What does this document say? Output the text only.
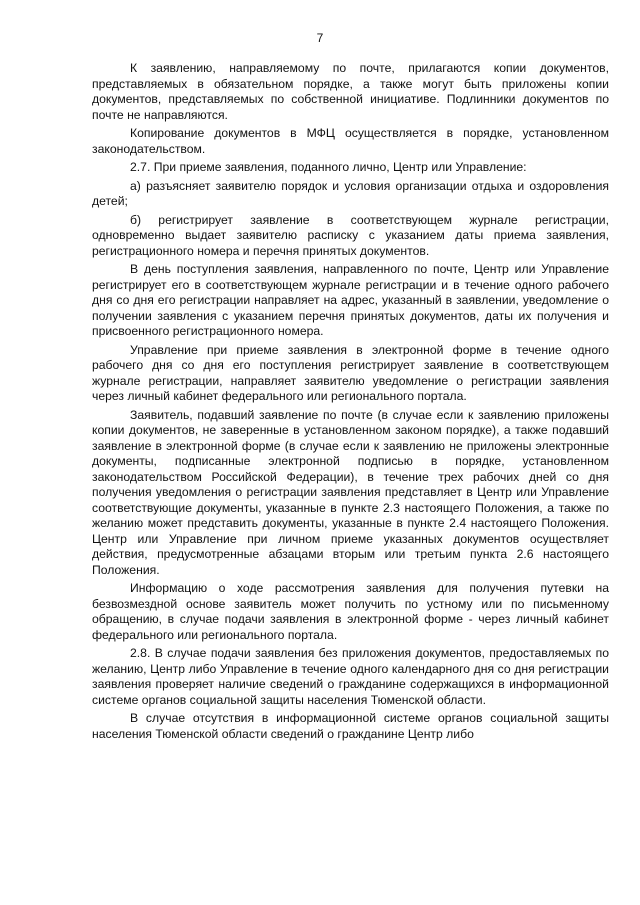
7

К заявлению, направляемому по почте, прилагаются копии документов, представляемых в обязательном порядке, а также могут быть приложены копии документов, представляемых по собственной инициативе. Подлинники документов по почте не направляются.

Копирование документов в МФЦ осуществляется в порядке, установленном законодательством.

2.7. При приеме заявления, поданного лично, Центр или Управление:

а) разъясняет заявителю порядок и условия организации отдыха и оздоровления детей;

б) регистрирует заявление в соответствующем журнале регистрации, одновременно выдает заявителю расписку с указанием даты приема заявления, регистрационного номера и перечня принятых документов.

В день поступления заявления, направленного по почте, Центр или Управление регистрирует его в соответствующем журнале регистрации и в течение одного рабочего дня со дня его регистрации направляет на адрес, указанный в заявлении, уведомление о получении заявления с указанием перечня принятых документов, даты их получения и присвоенного регистрационного номера.

Управление при приеме заявления в электронной форме в течение одного рабочего дня со дня его поступления регистрирует заявление в соответствующем журнале регистрации, направляет заявителю уведомление о регистрации заявления через личный кабинет федерального или регионального портала.

Заявитель, подавший заявление по почте (в случае если к заявлению приложены копии документов, не заверенные в установленном законом порядке), а также подавший заявление в электронной форме (в случае если к заявлению не приложены электронные документы, подписанные электронной подписью в порядке, установленном законодательством Российской Федерации), в течение трех рабочих дней со дня получения уведомления о регистрации заявления представляет в Центр или Управление соответствующие документы, указанные в пункте 2.3 настоящего Положения, а также по желанию может представить документы, указанные в пункте 2.4 настоящего Положения. Центр или Управление при личном приеме указанных документов осуществляет действия, предусмотренные абзацами вторым или третьим пункта 2.6 настоящего Положения.

Информацию о ходе рассмотрения заявления для получения путевки на безвозмездной основе заявитель может получить по устному или по письменному обращению, в случае подачи заявления в электронной форме - через личный кабинет федерального или регионального портала.

2.8. В случае подачи заявления без приложения документов, предоставляемых по желанию, Центр либо Управление в течение одного календарного дня со дня регистрации заявления проверяет наличие сведений о гражданине содержащихся в информационной системе органов социальной защиты населения Тюменской области.

В случае отсутствия в информационной системе органов социальной защиты населения Тюменской области сведений о гражданине Центр либо
